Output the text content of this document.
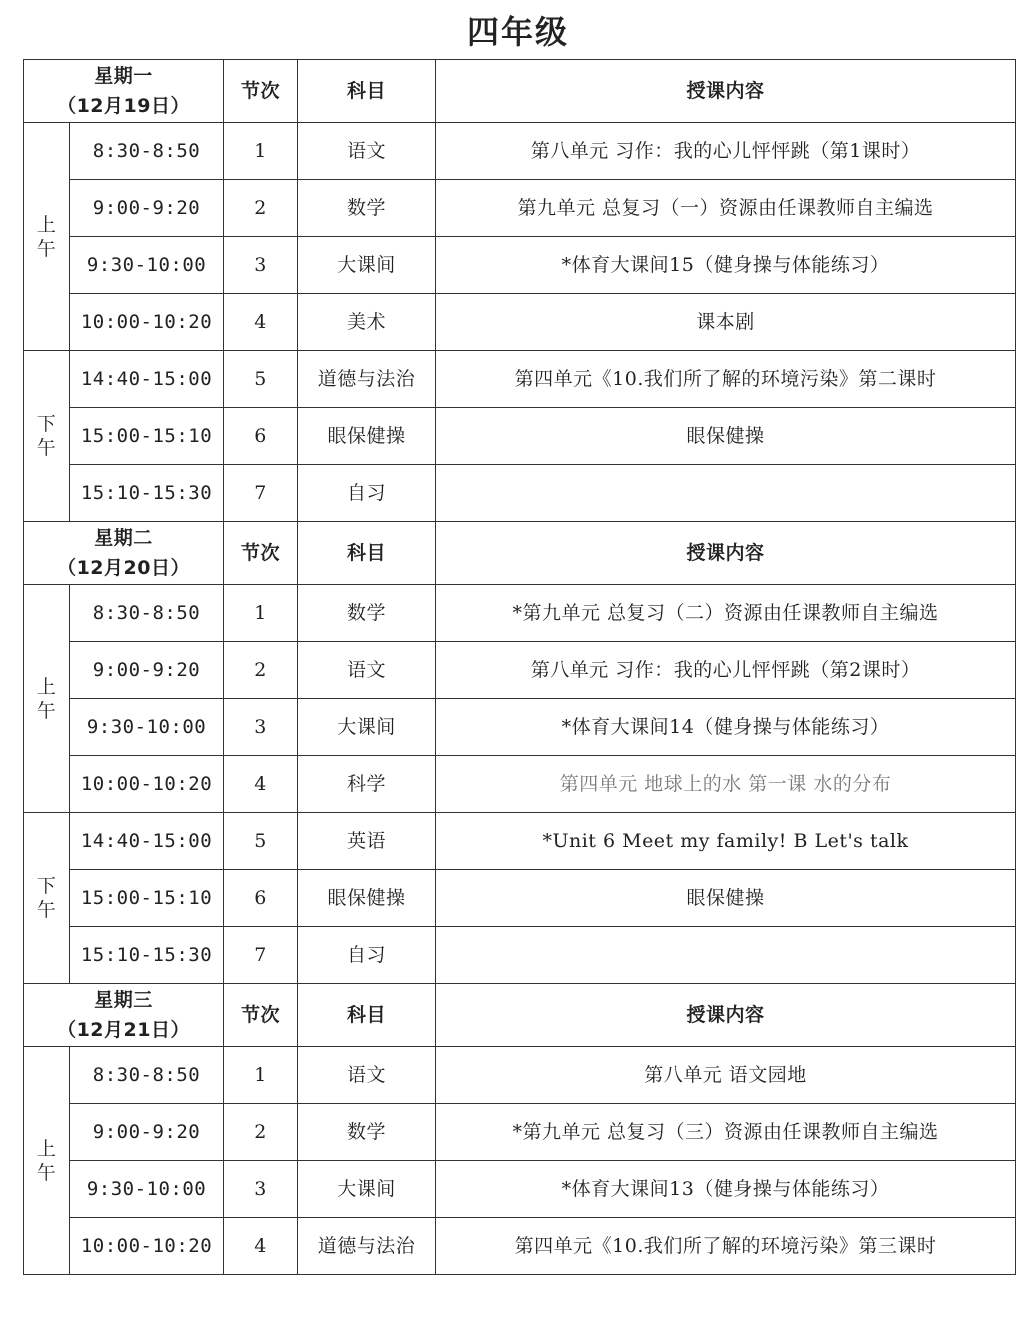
四年级
星期一
（12月19日）		节次	科目	授课内容

上
午	8:30-8:50	1	语文	第八单元 习作：我的心儿怦怦跳（第1课时）
	9:00-9:20	2	数学	第九单元 总复习（一）资源由任课教师自主编选
	9:30-10:00	3	大课间	*体育大课间15（健身操与体能练习）
	10:00-10:20	4	美术	课本剧

下
午	14:40-15:00	5	道德与法治	第四单元《10.我们所了解的环境污染》第二课时
	15:00-15:10	6	眼保健操	眼保健操
	15:10-15:30	7	自习	

星期二
（12月20日）		节次	科目	授课内容

上
午	8:30-8:50	1	数学	*第九单元 总复习（二）资源由任课教师自主编选
	9:00-9:20	2	语文	第八单元 习作：我的心儿怦怦跳（第2课时）
	9:30-10:00	3	大课间	*体育大课间14（健身操与体能练习）
	10:00-10:20	4	科学	第四单元 地球上的水 第一课 水的分布

下
午	14:40-15:00	5	英语	*Unit 6 Meet my family! B Let's talk
	15:00-15:10	6	眼保健操	眼保健操
	15:10-15:30	7	自习	

星期三
（12月21日）		节次	科目	授课内容

上
午	8:30-8:50	1	语文	第八单元 语文园地
	9:00-9:20	2	数学	*第九单元 总复习（三）资源由任课教师自主编选
	9:30-10:00	3	大课间	*体育大课间13（健身操与体能练习）
	10:00-10:20	4	道德与法治	第四单元《10.我们所了解的环境污染》第三课时
